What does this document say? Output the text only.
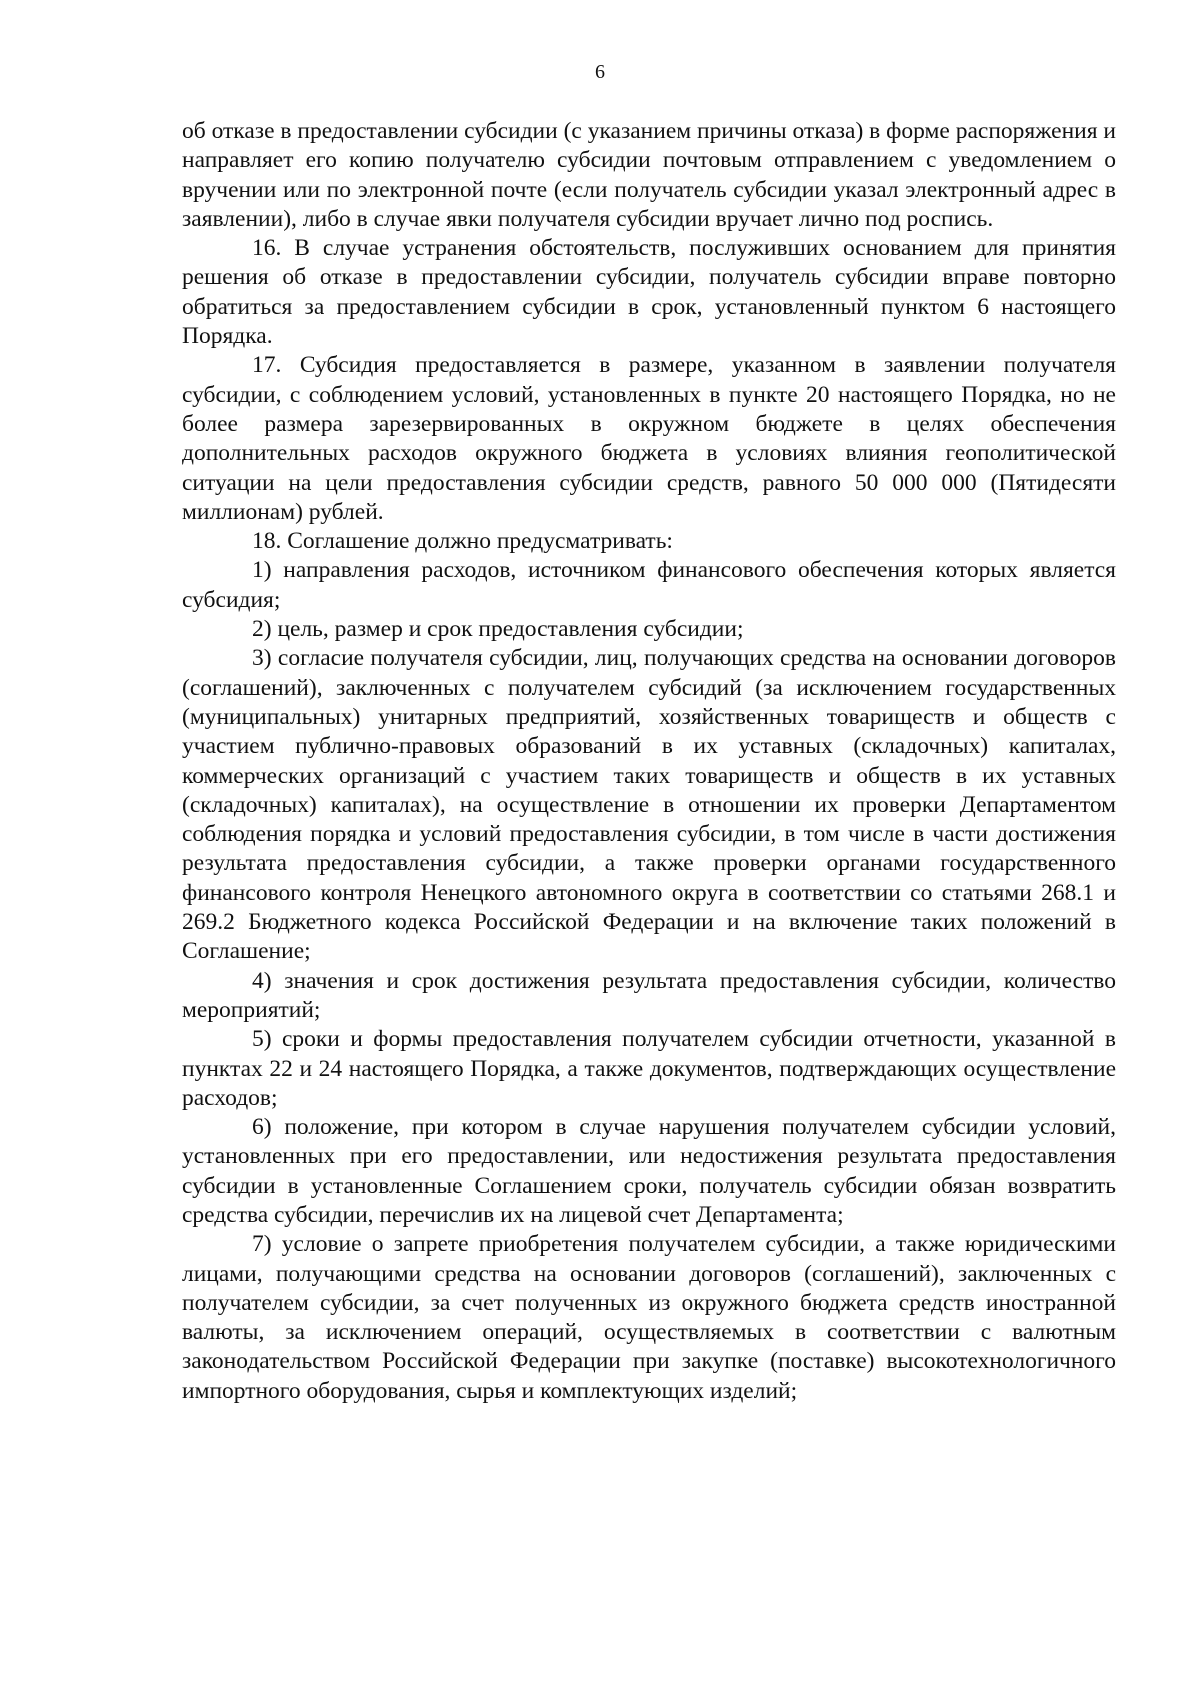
6

об отказе в предоставлении субсидии (с указанием причины отказа) в форме распоряжения и направляет его копию получателю субсидии почтовым отправлением с уведомлением о вручении или по электронной почте (если получатель субсидии указал электронный адрес в заявлении), либо в случае явки получателя субсидии вручает лично под роспись.

16. В случае устранения обстоятельств, послуживших основанием для принятия решения об отказе в предоставлении субсидии, получатель субсидии вправе повторно обратиться за предоставлением субсидии в срок, установленный пунктом 6 настоящего Порядка.

17. Субсидия предоставляется в размере, указанном в заявлении получателя субсидии, с соблюдением условий, установленных в пункте 20 настоящего Порядка, но не более размера зарезервированных в окружном бюджете в целях обеспечения дополнительных расходов окружного бюджета в условиях влияния геополитической ситуации на цели предоставления субсидии средств, равного 50 000 000 (Пятидесяти миллионам) рублей.

18. Соглашение должно предусматривать:

1) направления расходов, источником финансового обеспечения которых является субсидия;

2) цель, размер и срок предоставления субсидии;

3) согласие получателя субсидии, лиц, получающих средства на основании договоров (соглашений), заключенных с получателем субсидий (за исключением государственных (муниципальных) унитарных предприятий, хозяйственных товариществ и обществ с участием публично-правовых образований в их уставных (складочных) капиталах, коммерческих организаций с участием таких товариществ и обществ в их уставных (складочных) капиталах), на осуществление в отношении их проверки Департаментом соблюдения порядка и условий предоставления субсидии, в том числе в части достижения результата предоставления субсидии, а также проверки органами государственного финансового контроля Ненецкого автономного округа в соответствии со статьями 268.1 и 269.2 Бюджетного кодекса Российской Федерации и на включение таких положений в Соглашение;

4) значения и срок достижения результата предоставления субсидии, количество мероприятий;

5) сроки и формы предоставления получателем субсидии отчетности, указанной в пунктах 22 и 24 настоящего Порядка, а также документов, подтверждающих осуществление расходов;

6) положение, при котором в случае нарушения получателем субсидии условий, установленных при его предоставлении, или недостижения результата предоставления субсидии в установленные Соглашением сроки, получатель субсидии обязан возвратить средства субсидии, перечислив их на лицевой счет Департамента;

7) условие о запрете приобретения получателем субсидии, а также юридическими лицами, получающими средства на основании договоров (соглашений), заключенных с получателем субсидии, за счет полученных из окружного бюджета средств иностранной валюты, за исключением операций, осуществляемых в соответствии с валютным законодательством Российской Федерации при закупке (поставке) высокотехнологичного импортного оборудования, сырья и комплектующих изделий;
